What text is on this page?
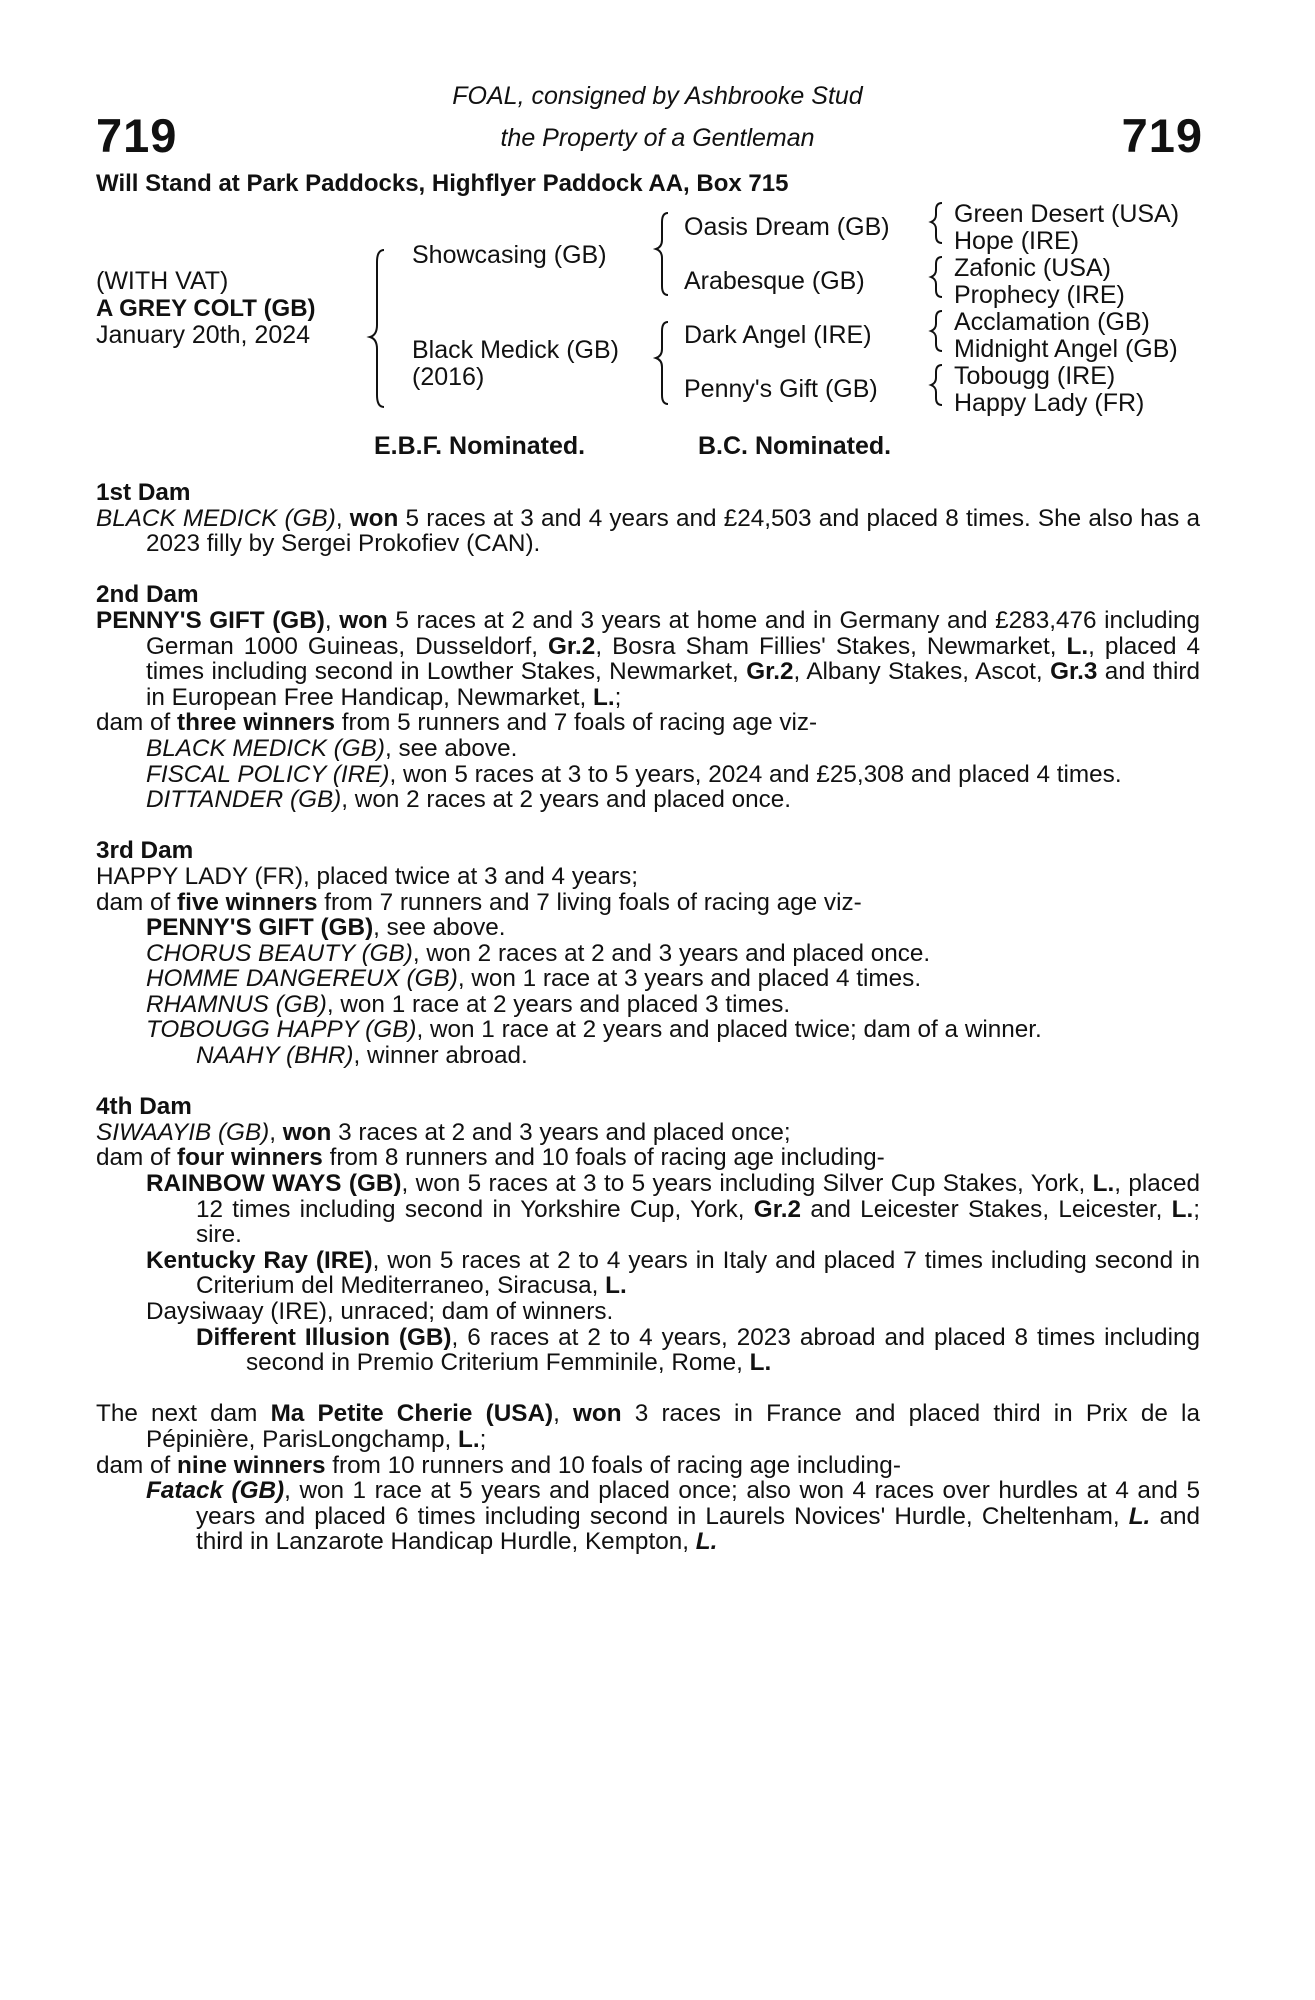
719	719
FOAL, consigned by Ashbrooke Stud
the Property of a Gentleman
Will Stand at Park Paddocks, Highflyer Paddock AA, Box 715
(WITH VAT)
A GREY COLT (GB)
January 20th, 2024
Showcasing (GB)
Black Medick (GB)
(2016)
Oasis Dream (GB)
Arabesque (GB)
Dark Angel (IRE)
Penny's Gift (GB)
Green Desert (USA)
Hope (IRE)
Zafonic (USA)
Prophecy (IRE)
Acclamation (GB)
Midnight Angel (GB)
Tobougg (IRE)
Happy Lady (FR)
E.B.F. Nominated.	B.C. Nominated.
1st Dam

BLACK MEDICK (GB), won 5 races at 3 and 4 years and £24,503 and placed 8 times. She also has a 2023 filly by Sergei Prokofiev (CAN).

2nd Dam

PENNY'S GIFT (GB), won 5 races at 2 and 3 years at home and in Germany and £283,476 including German 1000 Guineas, Dusseldorf, Gr.2, Bosra Sham Fillies' Stakes, Newmarket, L., placed 4 times including second in Lowther Stakes, Newmarket, Gr.2, Albany Stakes, Ascot, Gr.3 and third in European Free Handicap, Newmarket, L.;

dam of three winners from 5 runners and 7 foals of racing age viz-

BLACK MEDICK (GB), see above.

FISCAL POLICY (IRE), won 5 races at 3 to 5 years, 2024 and £25,308 and placed 4 times.

DITTANDER (GB), won 2 races at 2 years and placed once.

3rd Dam

HAPPY LADY (FR), placed twice at 3 and 4 years;

dam of five winners from 7 runners and 7 living foals of racing age viz-

PENNY'S GIFT (GB), see above.

CHORUS BEAUTY (GB), won 2 races at 2 and 3 years and placed once.

HOMME DANGEREUX (GB), won 1 race at 3 years and placed 4 times.

RHAMNUS (GB), won 1 race at 2 years and placed 3 times.

TOBOUGG HAPPY (GB), won 1 race at 2 years and placed twice; dam of a winner.

NAAHY (BHR), winner abroad.

4th Dam

SIWAAYIB (GB), won 3 races at 2 and 3 years and placed once;

dam of four winners from 8 runners and 10 foals of racing age including-

RAINBOW WAYS (GB), won 5 races at 3 to 5 years including Silver Cup Stakes, York, L., placed 12 times including second in Yorkshire Cup, York, Gr.2 and Leicester Stakes, Leicester, L.; sire.

Kentucky Ray (IRE), won 5 races at 2 to 4 years in Italy and placed 7 times including second in Criterium del Mediterraneo, Siracusa, L.

Daysiwaay (IRE), unraced; dam of winners.

Different Illusion (GB), 6 races at 2 to 4 years, 2023 abroad and placed 8 times including second in Premio Criterium Femminile, Rome, L.

The next dam Ma Petite Cherie (USA), won 3 races in France and placed third in Prix de la Pépinière, ParisLongchamp, L.;

dam of nine winners from 10 runners and 10 foals of racing age including-

Fatack (GB), won 1 race at 5 years and placed once; also won 4 races over hurdles at 4 and 5 years and placed 6 times including second in Laurels Novices' Hurdle, Cheltenham, L. and third in Lanzarote Handicap Hurdle, Kempton, L.
